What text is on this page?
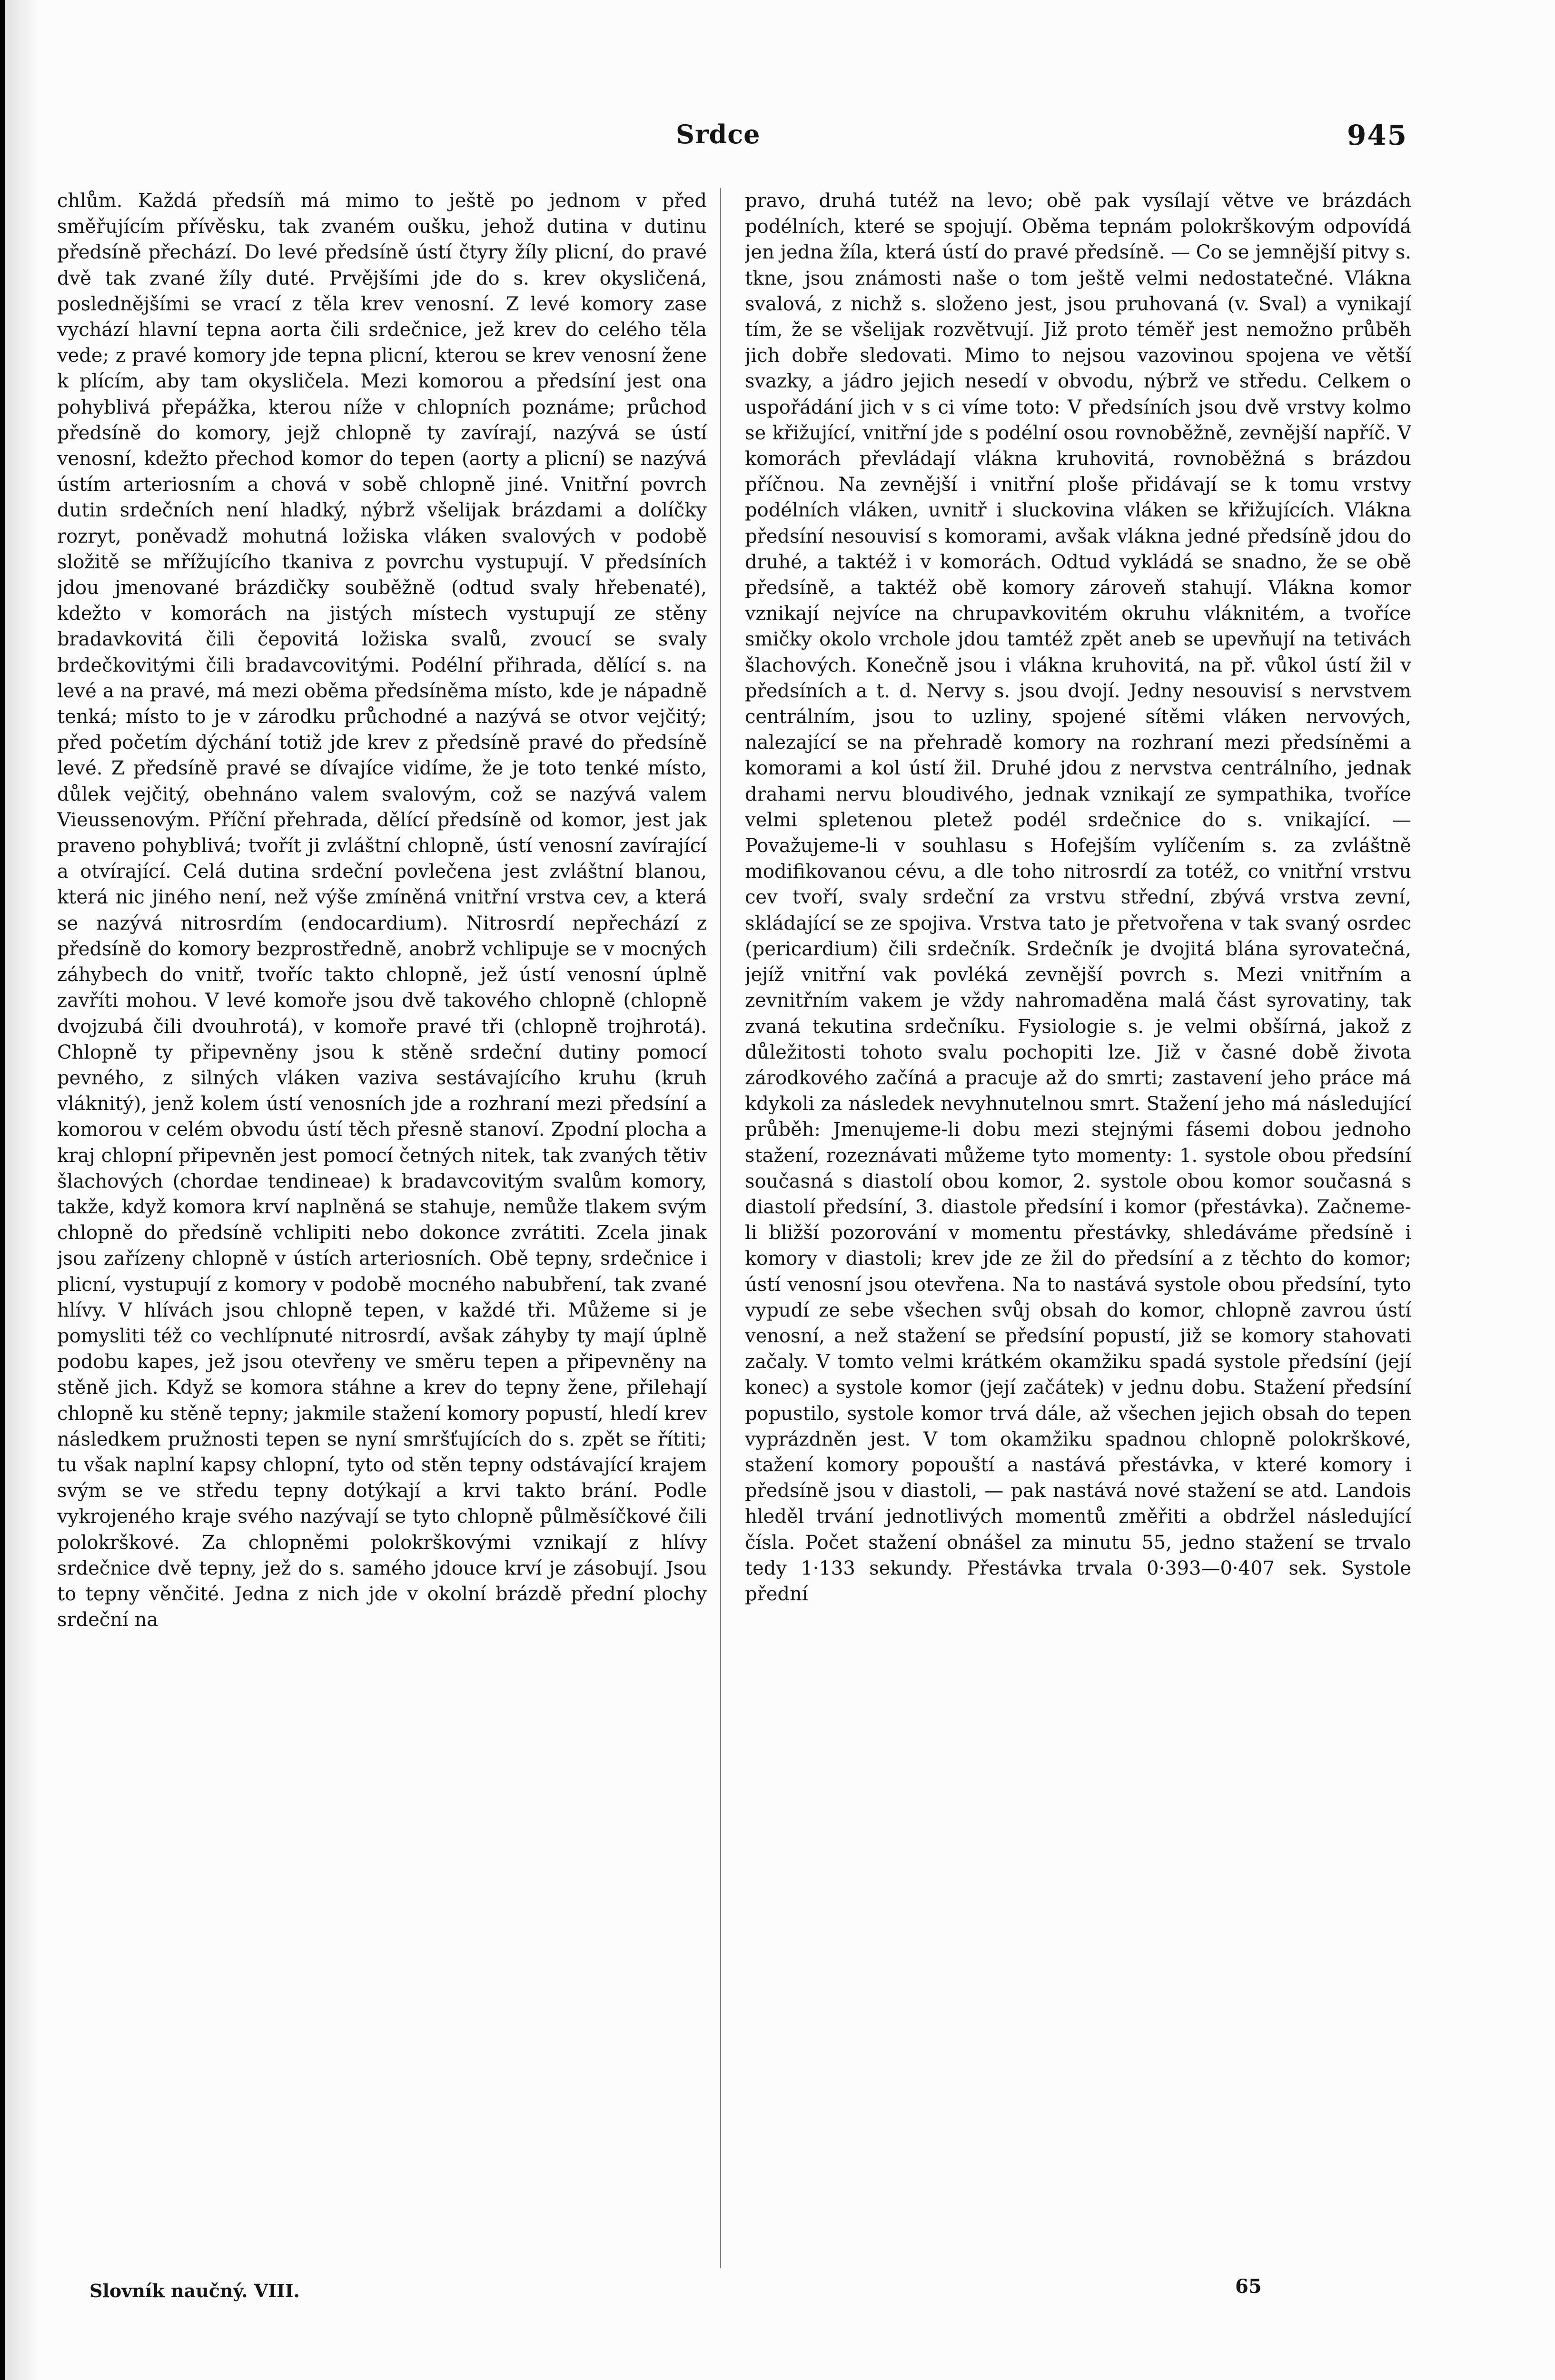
Srdce	945
chlům. Každá předsíň má mimo to ještě po jednom v před směřujícím přívěsku, tak zvaném oušku, jehož dutina v dutinu předsíně přechází. Do levé předsíně ústí čtyry žíly plicní, do pravé dvě tak zvané žíly duté. Prvějšími jde do s. krev okysličená, poslednějšími se vrací z těla krev venosní. Z levé komory zase vychází hlavní tepna aorta čili srdečnice, jež krev do celého těla vede; z pravé komory jde tepna plicní, kterou se krev venosní žene k plícím, aby tam okysličela. Mezi komorou a předsíní jest ona pohyblivá přepážka, kterou níže v chlopních poznáme; průchod předsíně do komory, jejž chlopně ty zavírají, nazývá se ústí venosní, kdežto přechod komor do tepen (aorty a plicní) se nazývá ústím arteriosním a chová v sobě chlopně jiné. Vnitřní povrch dutin srdečních není hladký, nýbrž všelijak brázdami a dolíčky rozryt, poněvadž mohutná ložiska vláken svalových v podobě složitě se mřížujícího tkaniva z povrchu vystupují. V předsíních jdou jmenované brázdičky souběžně (odtud svaly hřebenaté), kdežto v komorách na jistých místech vystupují ze stěny bradavkovitá čili čepovitá ložiska svalů, zvoucí se svaly brdečkovitými čili bradavcovitými. Podélní přihrada, dělící s. na levé a na pravé, má mezi oběma předsíněma místo, kde je nápadně tenká; místo to je v zárodku průchodné a nazývá se otvor vejčitý; před početím dýchání totiž jde krev z předsíně pravé do předsíně levé. Z předsíně pravé se dívajíce vidíme, že je toto tenké místo, důlek vejčitý, obehnáno valem svalovým, což se nazývá valem Vieussenovým. Příční přehrada, dělící předsíně od komor, jest jak praveno pohyblivá; tvořít ji zvláštní chlopně, ústí venosní zavírající a otvírající. Celá dutina srdeční povlečena jest zvláštní blanou, která nic jiného není, než výše zmíněná vnitřní vrstva cev, a která se nazývá nitrosrdím (endocardium). Nitrosrdí nepřechází z předsíně do komory bezprostředně, anobrž vchlipuje se v mocných záhybech do vnitř, tvoříc takto chlopně, jež ústí venosní úplně zavříti mohou. V levé komoře jsou dvě takového chlopně (chlopně dvojzubá čili dvouhrotá), v komoře pravé tři (chlopně trojhrotá). Chlopně ty připevněny jsou k stěně srdeční dutiny pomocí pevného, z silných vláken vaziva sestávajícího kruhu (kruh vláknitý), jenž kolem ústí venosních jde a rozhraní mezi předsíní a komorou v celém obvodu ústí těch přesně stanoví. Zpodní plocha a kraj chlopní připevněn jest pomocí četných nitek, tak zvaných tětiv šlachových (chordae tendineae) k bradavcovitým svalům komory, takže, když komora krví naplněná se stahuje, nemůže tlakem svým chlopně do předsíně vchlipiti nebo dokonce zvrátiti. Zcela jinak jsou zařízeny chlopně v ústích arteriosních. Obě tepny, srdečnice i plicní, vystupují z komory v podobě mocného nabubření, tak zvané hlívy. V hlívách jsou chlopně tepen, v každé tři. Můžeme si je pomysliti též co vechlípnuté nitrosrdí, avšak záhyby ty mají úplně podobu kapes, jež jsou otevřeny ve směru tepen a připevněny na stěně jich. Když se komora stáhne a krev do tepny žene, přilehají chlopně ku stěně tepny; jakmile stažení komory popustí, hledí krev následkem pružnosti tepen se nyní smršťujících do s. zpět se řítiti; tu však naplní kapsy chlopní, tyto od stěn tepny odstávající krajem svým se ve středu tepny dotýkají a krvi takto brání. Podle vykrojeného kraje svého nazývají se tyto chlopně půlměsíčkové čili polokrškové. Za chlopněmi polokrškovými vznikají z hlívy srdečnice dvě tepny, jež do s. samého jdouce krví je zásobují. Jsou to tepny věnčité. Jedna z nich jde v okolní brázdě přední plochy srdeční na
pravo, druhá tutéž na levo; obě pak vysílají větve ve brázdách podélních, které se spojují. Oběma tepnám polokrškovým odpovídá jen jedna žíla, která ústí do pravé předsíně. — Co se jemnější pitvy s. tkne, jsou známosti naše o tom ještě velmi nedostatečné. Vlákna svalová, z nichž s. složeno jest, jsou pruhovaná (v. Sval) a vynikají tím, že se všelijak rozvětvují. Již proto téměř jest nemožno průběh jich dobře sledovati. Mimo to nejsou vazovinou spojena ve větší svazky, a jádro jejich nesedí v obvodu, nýbrž ve středu. Celkem o uspořádání jich v s ci víme toto: V předsíních jsou dvě vrstvy kolmo se křižující, vnitřní jde s podélní osou rovnoběžně, zevnější napříč. V komorách převládají vlákna kruhovitá, rovnoběžná s brázdou příčnou. Na zevnější i vnitřní ploše přidávají se k tomu vrstvy podélních vláken, uvnitř i sluckovina vláken se křižujících. Vlákna předsíní nesouvisí s komorami, avšak vlákna jedné předsíně jdou do druhé, a taktéž i v komorách. Odtud vykládá se snadno, že se obě předsíně, a taktéž obě komory zároveň stahují. Vlákna komor vznikají nejvíce na chrupavkovitém okruhu vláknitém, a tvoříce smičky okolo vrchole jdou tamtéž zpět aneb se upevňují na tetivách šlachových. Konečně jsou i vlákna kruhovitá, na př. vůkol ústí žil v předsíních a t. d. Nervy s. jsou dvojí. Jedny nesouvisí s nervstvem centrálním, jsou to uzliny, spojené sítěmi vláken nervových, nalezající se na přehradě komory na rozhraní mezi předsíněmi a komorami a kol ústí žil. Druhé jdou z nervstva centrálního, jednak drahami nervu bloudivého, jednak vznikají ze sympathika, tvoříce velmi spletenou pletež podél srdečnice do s. vnikající. — Považujeme-li v souhlasu s Hofejším vylíčením s. za zvláštně modifikovanou cévu, a dle toho nitrosrdí za totéž, co vnitřní vrstvu cev tvoří, svaly srdeční za vrstvu střední, zbývá vrstva zevní, skládající se ze spojiva. Vrstva tato je přetvořena v tak svaný osrdec (pericardium) čili srdečník. Srdečník je dvojitá blána syrovatečná, jejíž vnitřní vak povléká zevnější povrch s. Mezi vnitřním a zevnitřním vakem je vždy nahromaděna malá část syrovatiny, tak zvaná tekutina srdečníku. Fysiologie s. je velmi obšírná, jakož z důležitosti tohoto svalu pochopiti lze. Již v časné době života zárodkového začíná a pracuje až do smrti; zastavení jeho práce má kdykoli za následek nevyhnutelnou smrt. Stažení jeho má následující průběh: Jmenujeme-li dobu mezi stejnými fásemi dobou jednoho stažení, rozeznávati můžeme tyto momenty: 1. systole obou předsíní současná s diastolí obou komor, 2. systole obou komor současná s diastolí předsíní, 3. diastole předsíní i komor (přestávka). Začneme-li bližší pozorování v momentu přestávky, shledáváme předsíně i komory v diastoli; krev jde ze žil do předsíní a z těchto do komor; ústí venosní jsou otevřena. Na to nastává systole obou předsíní, tyto vypudí ze sebe všechen svůj obsah do komor, chlopně zavrou ústí venosní, a než stažení se předsíní popustí, již se komory stahovati začaly. V tomto velmi krátkém okamžiku spadá systole předsíní (její konec) a systole komor (její začátek) v jednu dobu. Stažení předsíní popustilo, systole komor trvá dále, až všechen jejich obsah do tepen vyprázdněn jest. V tom okamžiku spadnou chlopně polokrškové, stažení komory popouští a nastává přestávka, v které komory i předsíně jsou v diastoli, — pak nastává nové stažení se atd. Landois hleděl trvání jednotlivých momentů změřiti a obdržel následující čísla. Počet stažení obnášel za minutu 55, jedno stažení se trvalo tedy 1·133 sekundy. Přestávka trvala 0·393—0·407 sek. Systole přední
Slovník naučný. VIII.	65
